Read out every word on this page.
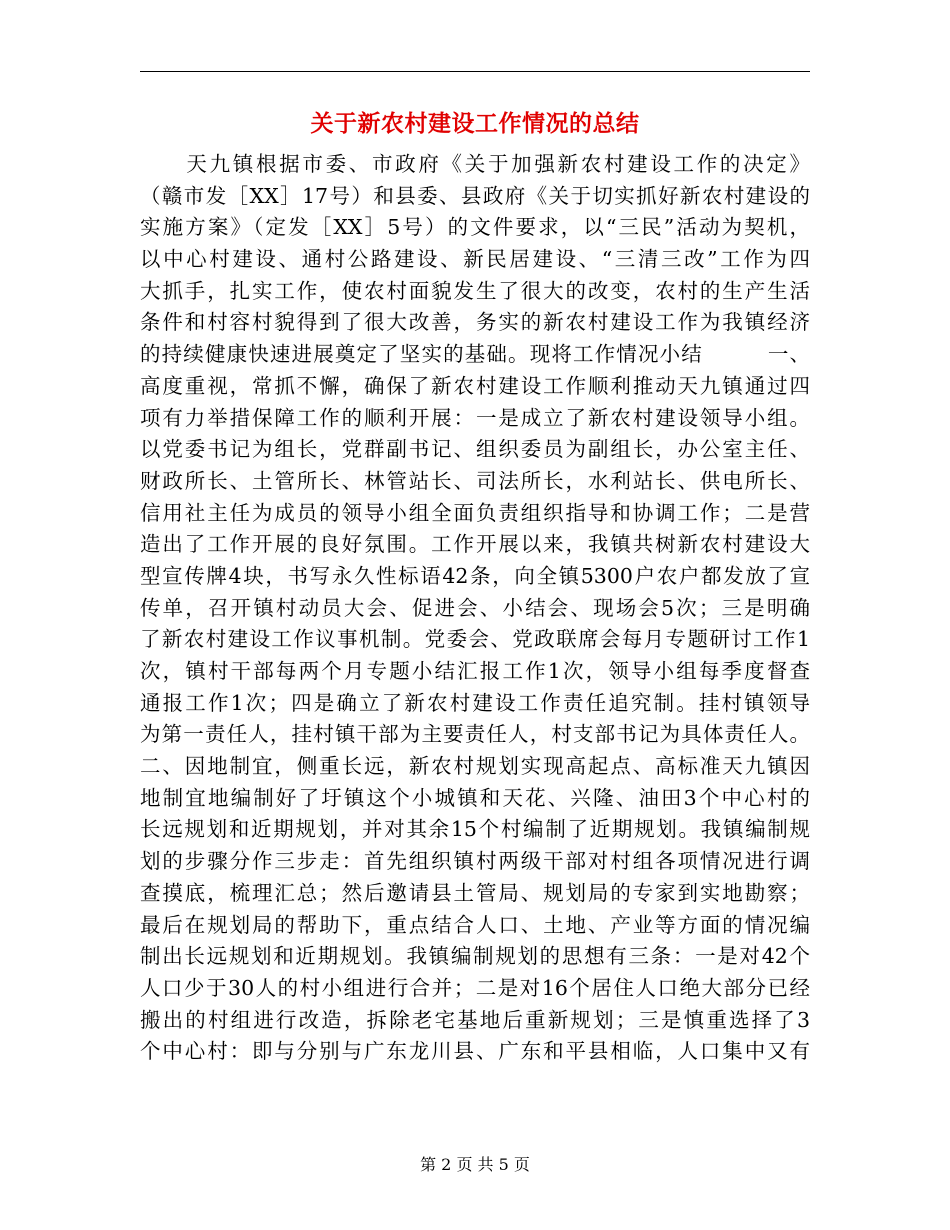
关于新农村建设工作情况的总结
　　天九镇根据市委、市政府《关于加强新农村建设工作的决定》
（赣市发［XX］17号）和县委、县政府《关于切实抓好新农村建设的
实施方案》（定发［XX］5号）的文件要求，以“三民”活动为契机，
以中心村建设、通村公路建设、新民居建设、“三清三改”工作为四
大抓手，扎实工作，使农村面貌发生了很大的改变，农村的生产生活
条件和村容村貌得到了很大改善，务实的新农村建设工作为我镇经济
的持续健康快速进展奠定了坚实的基础。现将工作情况小结　　　一、
高度重视，常抓不懈，确保了新农村建设工作顺利推动天九镇通过四
项有力举措保障工作的顺利开展：一是成立了新农村建设领导小组。
以党委书记为组长，党群副书记、组织委员为副组长，办公室主任、
财政所长、土管所长、林管站长、司法所长，水利站长、供电所长、
信用社主任为成员的领导小组全面负责组织指导和协调工作；二是营
造出了工作开展的良好氛围。工作开展以来，我镇共树新农村建设大
型宣传牌4块，书写永久性标语42条，向全镇5300户农户都发放了宣
传单，召开镇村动员大会、促进会、小结会、现场会5次；三是明确
了新农村建设工作议事机制。党委会、党政联席会每月专题研讨工作1
次，镇村干部每两个月专题小结汇报工作1次，领导小组每季度督查
通报工作1次；四是确立了新农村建设工作责任追究制。挂村镇领导
为第一责任人，挂村镇干部为主要责任人，村支部书记为具体责任人。
二、因地制宜，侧重长远，新农村规划实现高起点、高标准天九镇因
地制宜地编制好了圩镇这个小城镇和天花、兴隆、油田3个中心村的
长远规划和近期规划，并对其余15个村编制了近期规划。我镇编制规
划的步骤分作三步走：首先组织镇村两级干部对村组各项情况进行调
查摸底，梳理汇总；然后邀请县土管局、规划局的专家到实地勘察；
最后在规划局的帮助下，重点结合人口、土地、产业等方面的情况编
制出长远规划和近期规划。我镇编制规划的思想有三条：一是对42个
人口少于30人的村小组进行合并；二是对16个居住人口绝大部分已经
搬出的村组进行改造，拆除老宅基地后重新规划；三是慎重选择了3
个中心村：即与分别与广东龙川县、广东和平县相临，人口集中又有
第 2 页 共 5 页
